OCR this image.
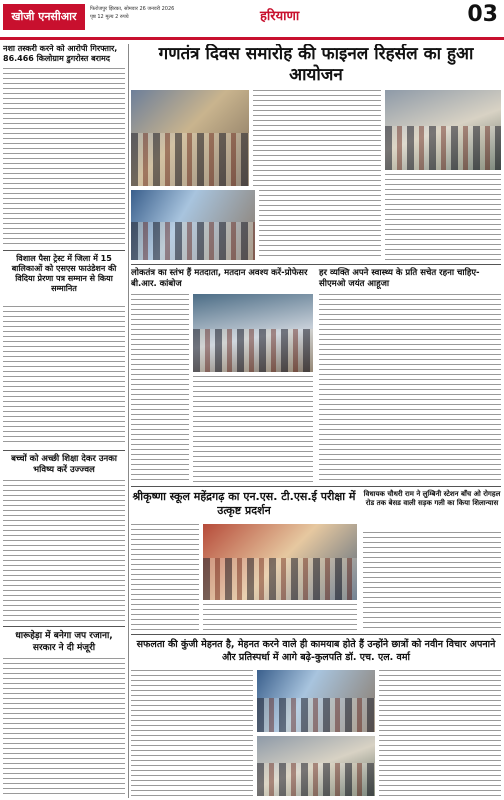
खोजी एनसीआर
फिरोजपुर झिरका, सोमवार 26 जनवरी 2026
पृष्ठ 12 मूल्य 2 रुपये	हरियाणा	03
नशा तस्करी करने को आरोपी गिरफ्तार, 86.466 किलोग्राम डुगरोस्त बरामद
विशाल पैसा ट्रेस्ट में जिला में 15 बालिकाओं को एसएस फाउंडेशन की विदिया प्रेरणा पत्र सम्मान से किया सम्मानित
बच्चों को अच्छी शिक्षा देकर उनका भविष्य करें उज्ज्वल
धारूहेड़ा में बनेगा जप रजाना, सरकार ने दी मंजूरी
गणतंत्र दिवस समारोह की फाइनल रिहर्सल का हुआ आयोजन
लोकतंत्र का स्तंभ हैं मतदाता, मतदान अवश्य करें-प्रोफेसर बी.आर. कांबोज
हर व्यक्ति अपने स्वास्थ्य के प्रति सचेत रहना चाहिए-सीएमओ जयंत आहूजा
श्रीकृष्णा स्कूल महेंद्रगढ़ का एन.एस. टी.एस.ई परीक्षा में उत्कृष्ट प्रदर्शन
विधायक चौधरी राम ने लुम्बिनी स्टेशन बाँच ओ रोगहल रोड तक बेसड वाली सड़क गली का किया शिलान्यास
सफलता की कुंजी मेहनत है, मेहनत करने वाले ही कामयाब होते हैं उन्होंने छात्रों को नवीन विचार अपनाने और प्रतिस्पर्धा में आगे बढ़े-कुलपति डॉ. एच. एल. वर्मा
